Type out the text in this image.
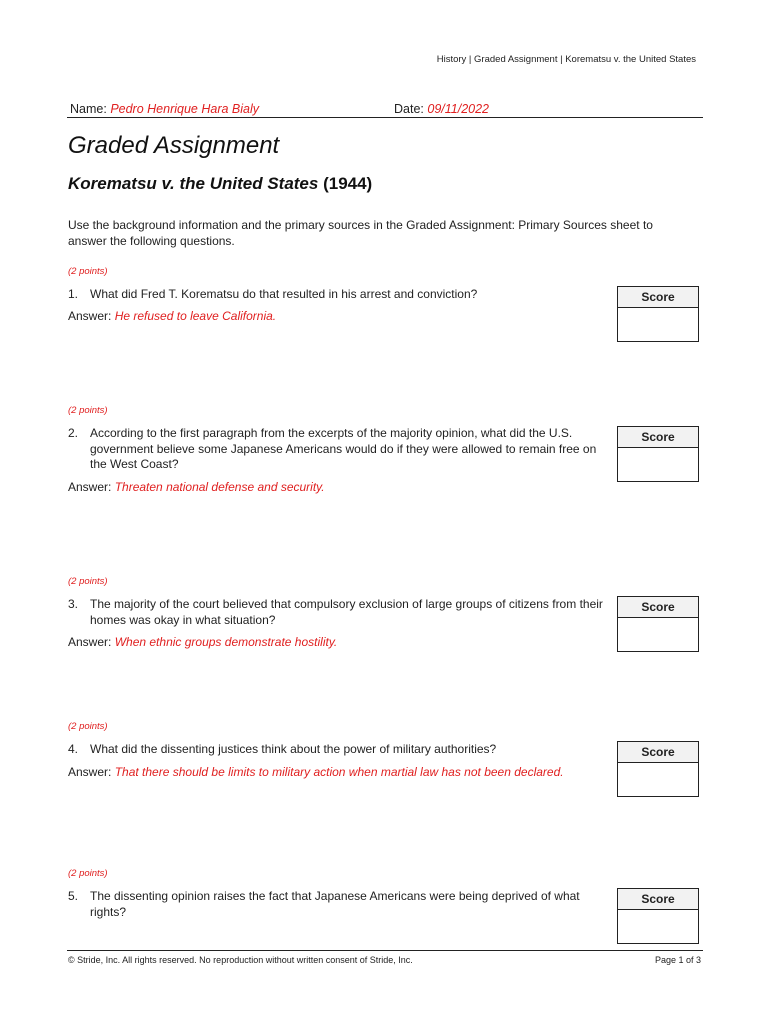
History | Graded Assignment | Korematsu v. the United States
Name: Pedro Henrique Hara Bialy	Date: 09/11/2022
Graded Assignment
Korematsu v. the United States (1944)
Use the background information and the primary sources in the Graded Assignment: Primary Sources sheet to answer the following questions.
(2 points)
1. What did Fred T. Korematsu do that resulted in his arrest and conviction?
Answer: He refused to leave California.
Score
(2 points)
2. According to the first paragraph from the excerpts of the majority opinion, what did the U.S. government believe some Japanese Americans would do if they were allowed to remain free on the West Coast?
Answer: Threaten national defense and security.
Score
(2 points)
3. The majority of the court believed that compulsory exclusion of large groups of citizens from their homes was okay in what situation?
Answer: When ethnic groups demonstrate hostility.
Score
(2 points)
4. What did the dissenting justices think about the power of military authorities?
Answer: That there should be limits to military action when martial law has not been declared.
Score
(2 points)
5. The dissenting opinion raises the fact that Japanese Americans were being deprived of what rights?
Score
© Stride, Inc. All rights reserved. No reproduction without written consent of Stride, Inc.	Page 1 of 3
